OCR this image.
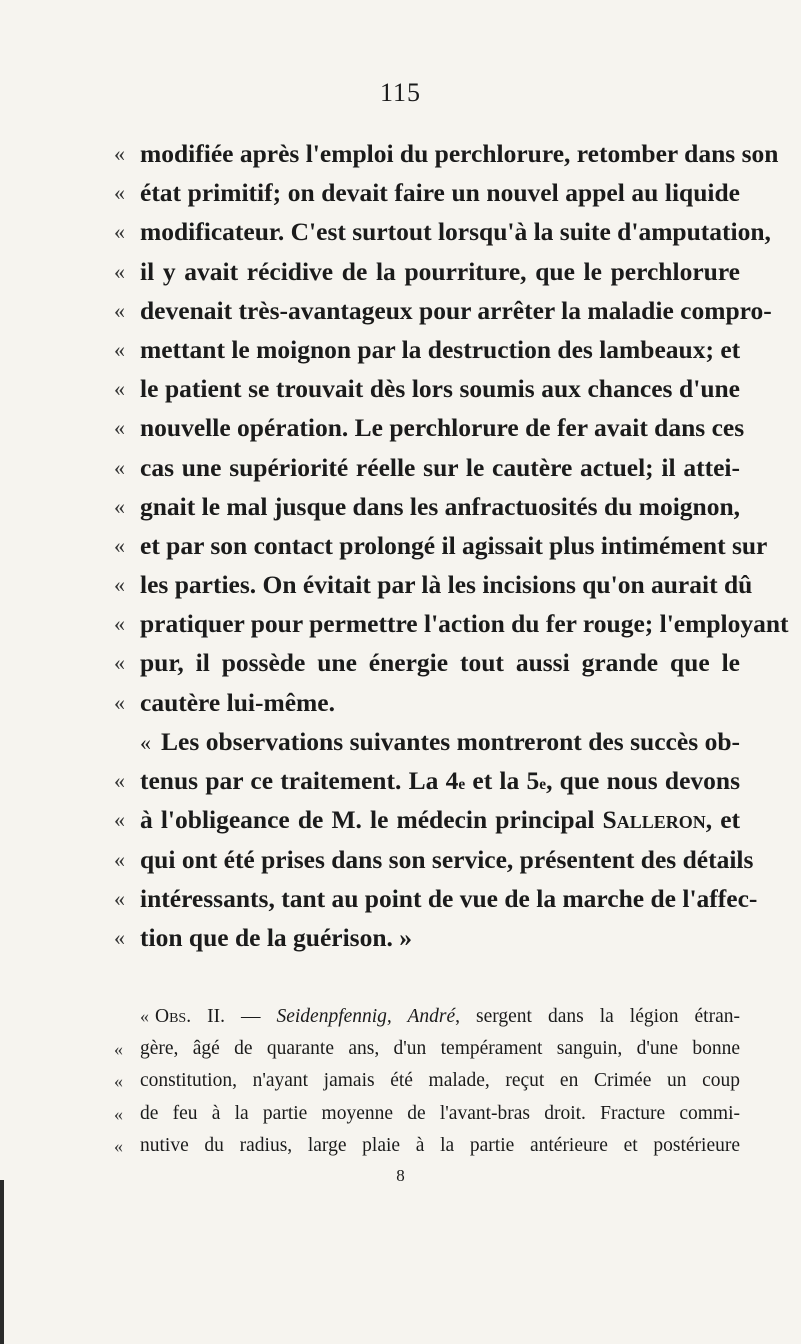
115
« modifiée après l'emploi du perchlorure, retomber dans son
« état primitif; on devait faire un nouvel appel au liquide
« modificateur. C'est surtout lorsqu'à la suite d'amputation,
« il y avait récidive de la pourriture, que le perchlorure
« devenait très-avantageux pour arrêter la maladie compro-
« mettant le moignon par la destruction des lambeaux; et
« le patient se trouvait dès lors soumis aux chances d'une
« nouvelle opération. Le perchlorure de fer avait dans ces
« cas une supériorité réelle sur le cautère actuel; il attei-
« gnait le mal jusque dans les anfractuosités du moignon,
« et par son contact prolongé il agissait plus intimément sur
« les parties. On évitait par là les incisions qu'on aurait dû
« pratiquer pour permettre l'action du fer rouge; l'employant
« pur, il possède une énergie tout aussi grande que le
« cautère lui-même.
« Les observations suivantes montreront des succès ob-
« tenus par ce traitement. La 4e et la 5e, que nous devons
« à l'obligeance de M. le médecin principal Salleron, et
« qui ont été prises dans son service, présentent des détails
« intéressants, tant au point de vue de la marche de l'affec-
« tion que de la guérison. »
« Obs. II. — Seidenpfennig, André, sergent dans la légion étran-
« gère, âgé de quarante ans, d'un tempérament sanguin, d'une bonne
« constitution, n'ayant jamais été malade, reçut en Crimée un coup
« de feu à la partie moyenne de l'avant-bras droit. Fracture commi-
« nutive du radius, large plaie à la partie antérieure et postérieure
8
